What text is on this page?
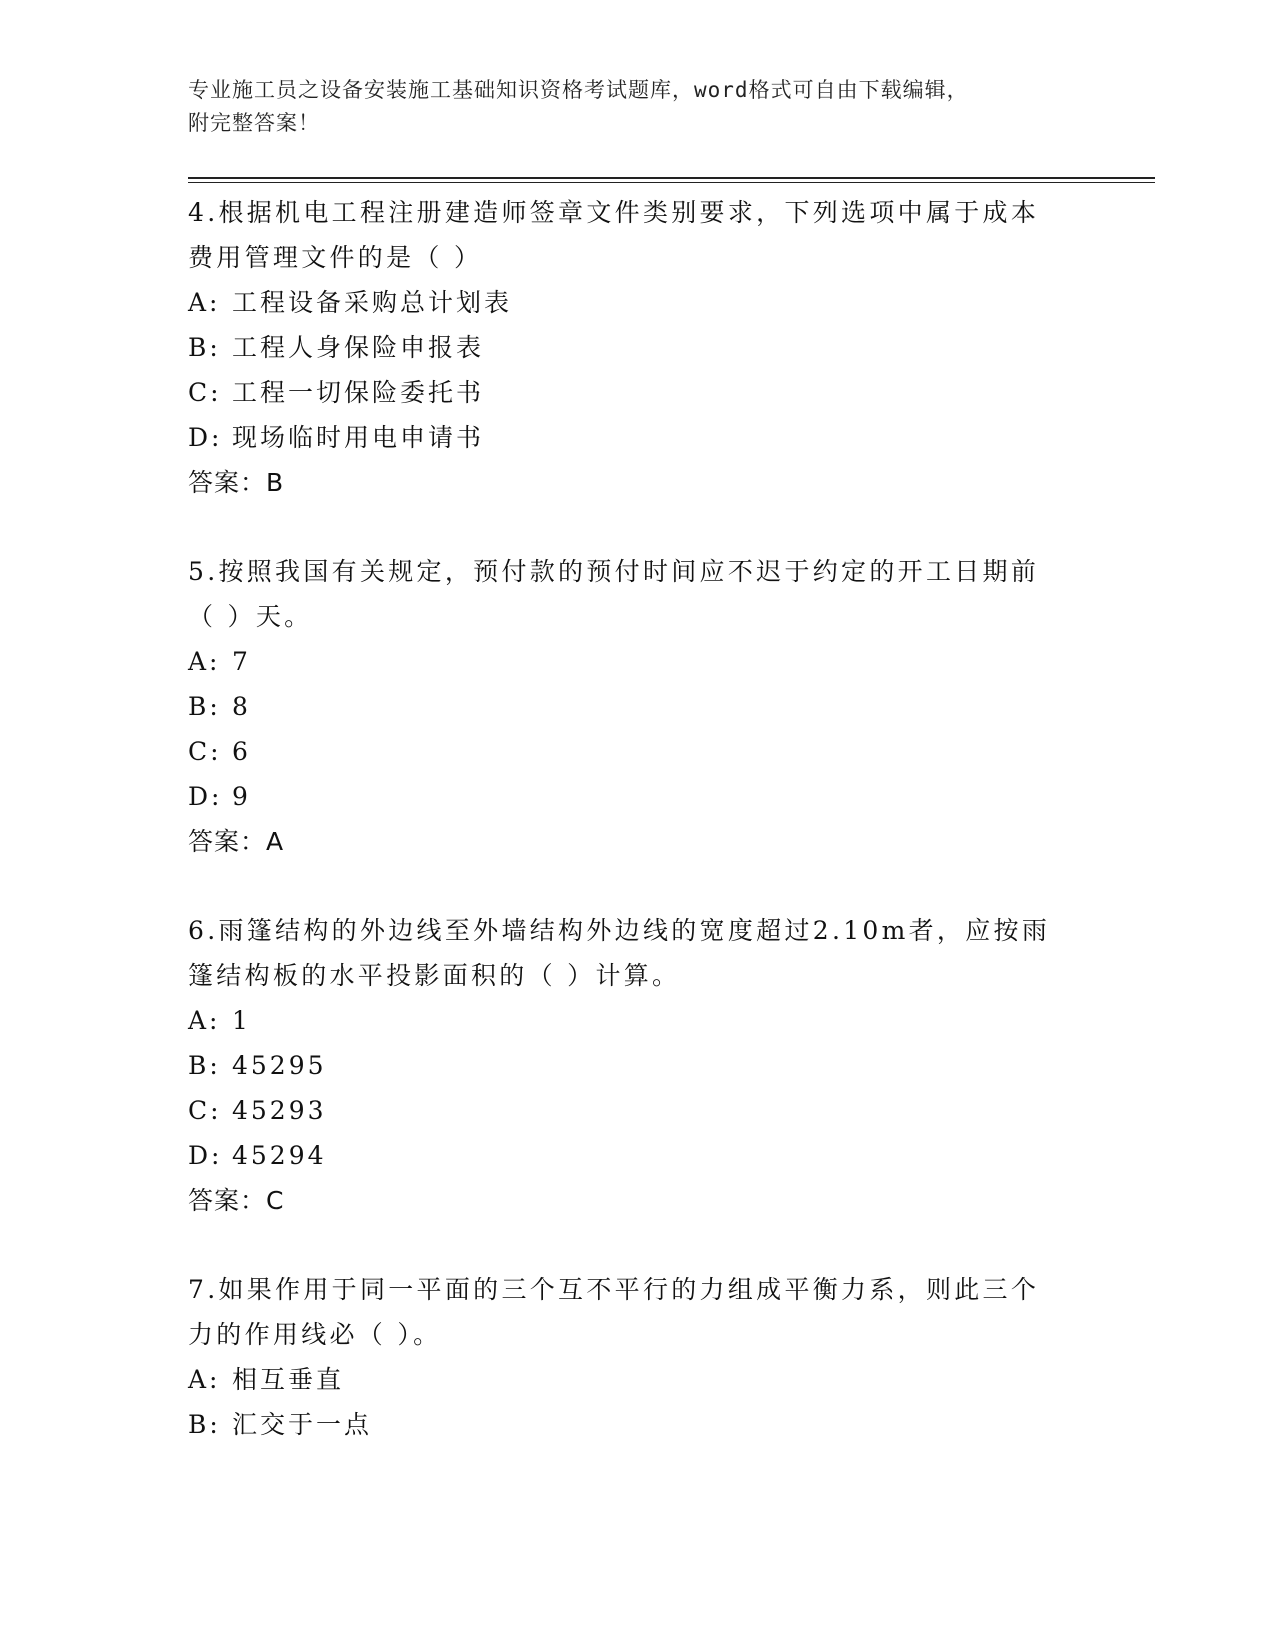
专业施工员之设备安装施工基础知识资格考试题库，word格式可自由下载编辑，
附完整答案！
4.根据机电工程注册建造师签章文件类别要求，下列选项中属于成本
费用管理文件的是（ ）
A: 工程设备采购总计划表
B: 工程人身保险申报表
C: 工程一切保险委托书
D: 现场临时用电申请书
答案：B
5.按照我国有关规定，预付款的预付时间应不迟于约定的开工日期前
（ ）天。
A: 7
B: 8
C: 6
D: 9
答案：A
6.雨篷结构的外边线至外墙结构外边线的宽度超过2.10m者，应按雨
篷结构板的水平投影面积的（ ）计算。
A: 1
B: 45295
C: 45293
D: 45294
答案：C
7.如果作用于同一平面的三个互不平行的力组成平衡力系，则此三个
力的作用线必（ ）。
A: 相互垂直
B: 汇交于一点
